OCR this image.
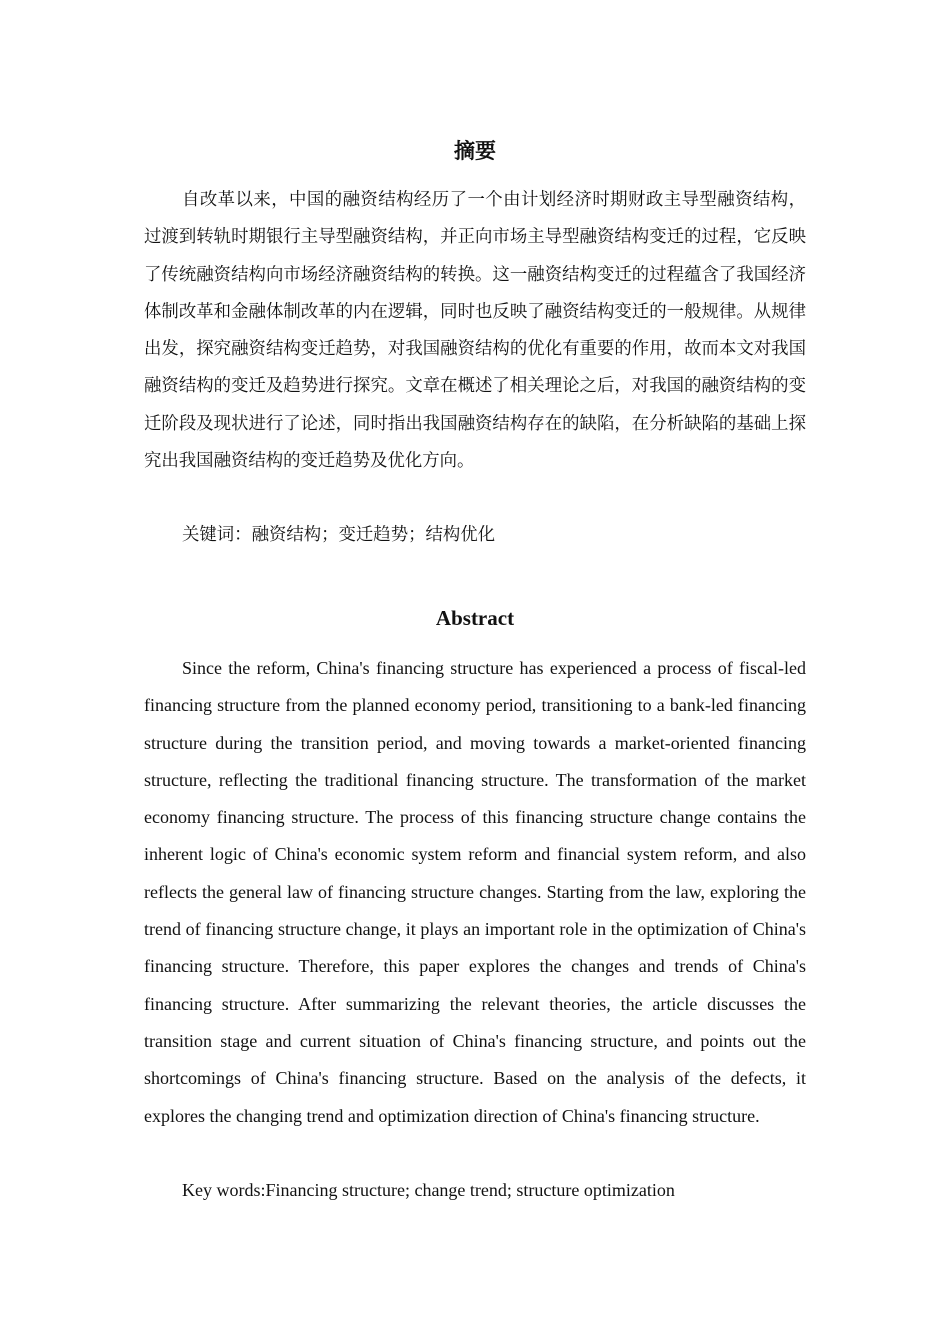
摘要

自改革以来，中国的融资结构经历了一个由计划经济时期财政主导型融资结构，过渡到转轨时期银行主导型融资结构，并正向市场主导型融资结构变迁的过程，它反映了传统融资结构向市场经济融资结构的转换。这一融资结构变迁的过程蕴含了我国经济体制改革和金融体制改革的内在逻辑，同时也反映了融资结构变迁的一般规律。从规律出发，探究融资结构变迁趋势，对我国融资结构的优化有重要的作用，故而本文对我国融资结构的变迁及趋势进行探究。文章在概述了相关理论之后，对我国的融资结构的变迁阶段及现状进行了论述，同时指出我国融资结构存在的缺陷，在分析缺陷的基础上探究出我国融资结构的变迁趋势及优化方向。

关键词：融资结构；变迁趋势；结构优化

Abstract

Since the reform, China's financing structure has experienced a process of fiscal-led financing structure from the planned economy period, transitioning to a bank-led financing structure during the transition period, and moving towards a market-oriented financing structure, reflecting the traditional financing structure. The transformation of the market economy financing structure. The process of this financing structure change contains the inherent logic of China's economic system reform and financial system reform, and also reflects the general law of financing structure changes. Starting from the law, exploring the trend of financing structure change, it plays an important role in the optimization of China's financing structure. Therefore, this paper explores the changes and trends of China's financing structure. After summarizing the relevant theories, the article discusses the transition stage and current situation of China's financing structure, and points out the shortcomings of China's financing structure. Based on the analysis of the defects, it explores the changing trend and optimization direction of China's financing structure.

Key words:Financing structure; change trend; structure optimization
